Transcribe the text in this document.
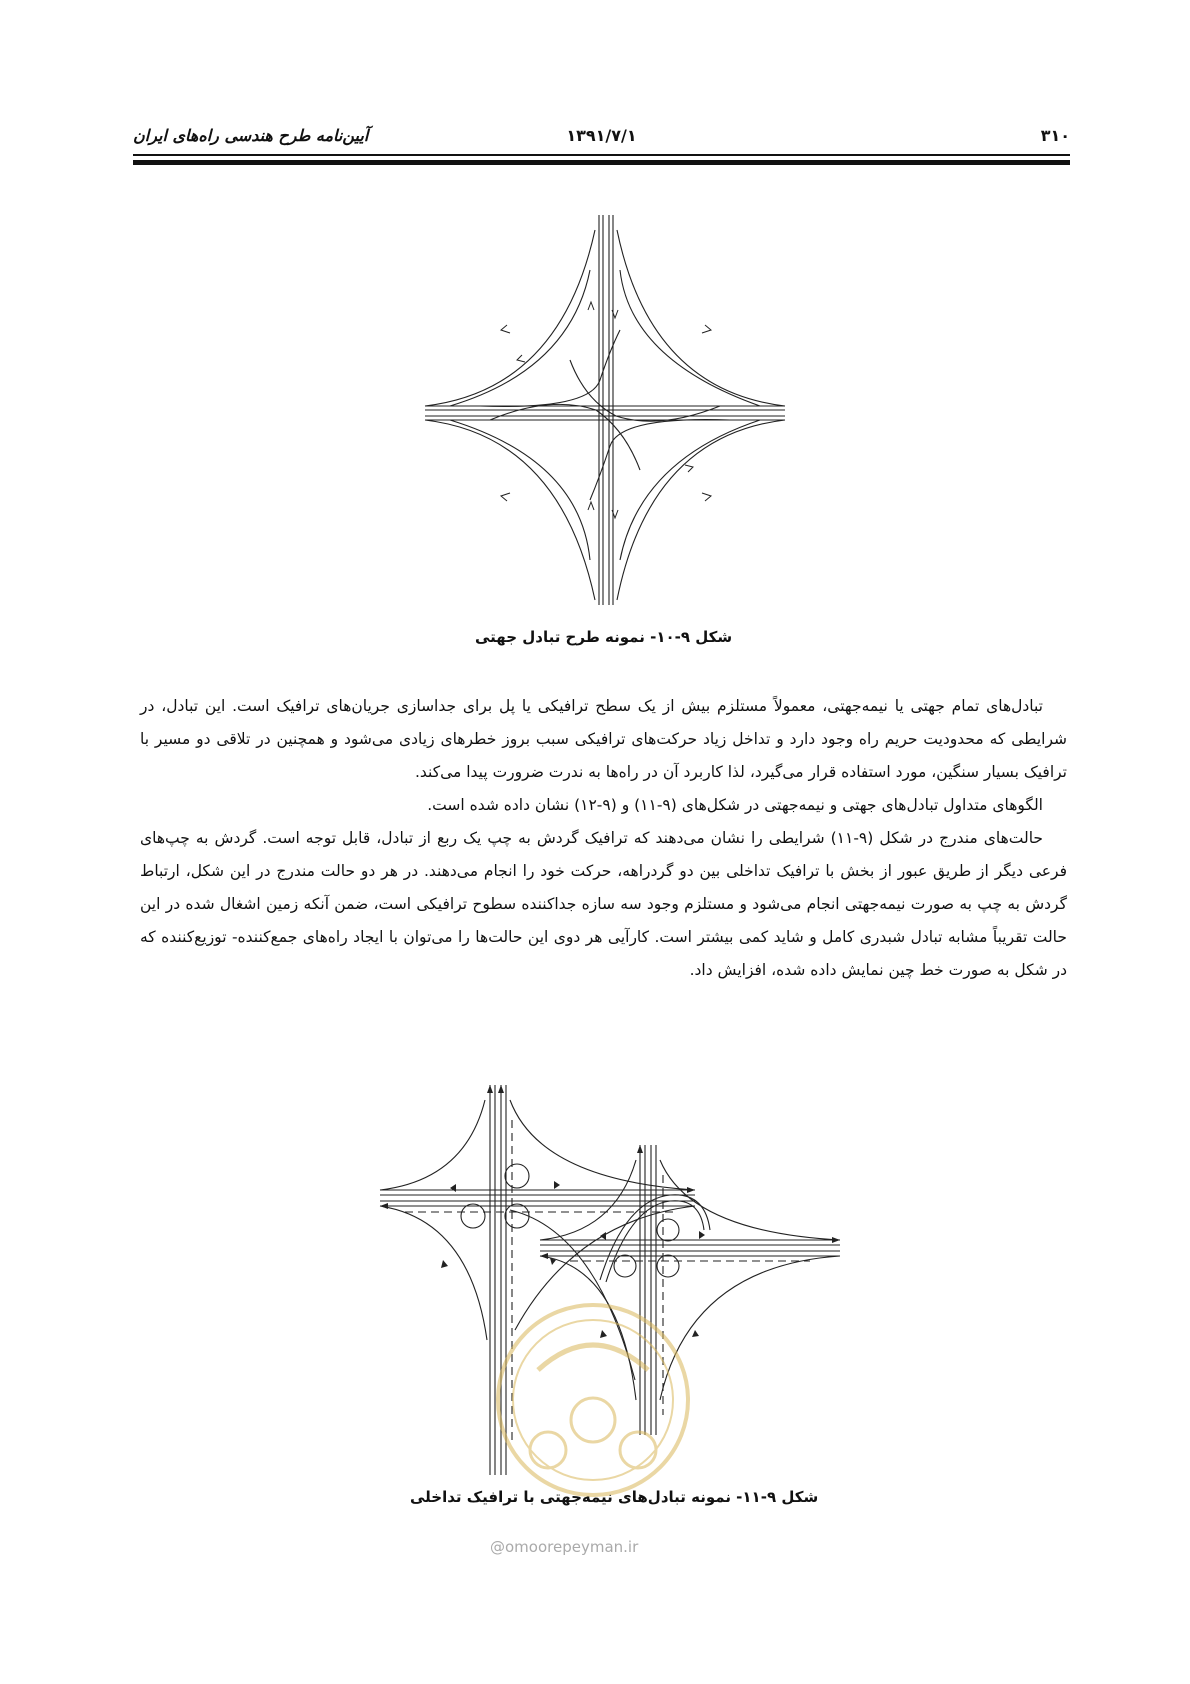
۳۱۰
۱۳۹۱/۷/۱
آیین‌نامه طرح هندسی راه‌های ایران
شکل ۹-۱۰- نمونه طرح تبادل جهتی

تبادل‌های تمام جهتی یا نیمه‌جهتی، معمولاً مستلزم بیش از یک سطح ترافیکی یا پل برای جداسازی جریان‌های ترافیک است. این تبادل، در شرایطی که محدودیت حریم راه وجود دارد و تداخل زیاد حرکت‌های ترافیکی سبب بروز خطرهای زیادی می‌شود و همچنین در تلاقی دو مسیر با ترافیک بسیار سنگین، مورد استفاده قرار می‌گیرد، لذا کاربرد آن در راه‌ها به ندرت ضرورت پیدا می‌کند.

الگوهای متداول تبادل‌های جهتی و نیمه‌جهتی در شکل‌های (۹-۱۱) و (۹-۱۲) نشان داده شده است.

حالت‌های مندرج در شکل (۹-۱۱) شرایطی را نشان می‌دهند که ترافیک گردش به چپ یک ربع از تبادل، قابل توجه است. گردش به چپ‌های فرعی دیگر از طریق عبور از بخش با ترافیک تداخلی بین دو گردراهه، حرکت خود را انجام می‌دهند. در هر دو حالت مندرج در این شکل، ارتباط گردش به چپ به صورت نیمه‌جهتی انجام می‌شود و مستلزم وجود سه سازه جداکننده سطوح ترافیکی است، ضمن آنکه زمین اشغال شده در این حالت تقریباً مشابه تبادل شبدری کامل و شاید کمی بیشتر است. کارآیی هر دوی این حالت‌ها را می‌توان با ایجاد راه‌های جمع‌کننده- توزیع‌کننده که در شکل به صورت خط چین نمایش داده شده، افزایش داد.

شکل ۹-۱۱- نمونه تبادل‌های نیمه‌جهتی با ترافیک تداخلی
@omoorepeyman.ir
